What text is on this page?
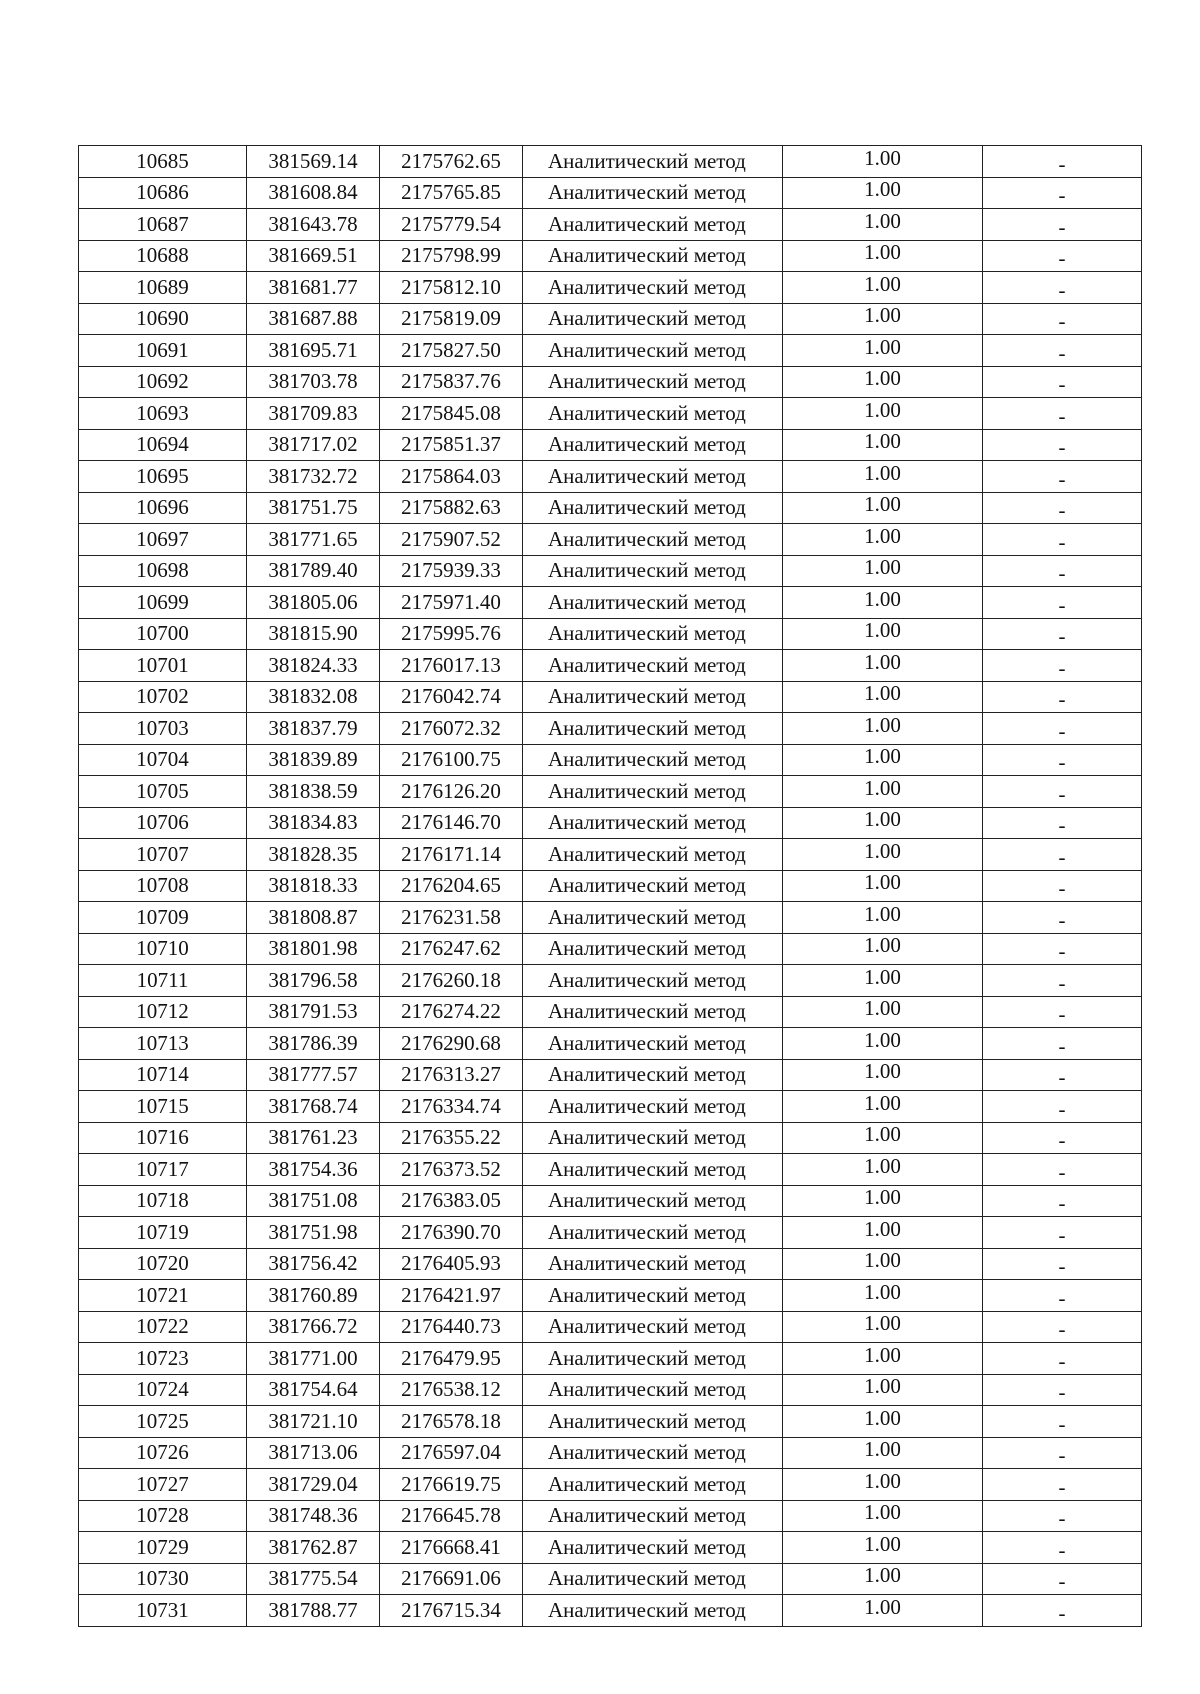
10685	381569.14	2175762.65	Аналитический метод	1.00	-
10686	381608.84	2175765.85	Аналитический метод	1.00	-
10687	381643.78	2175779.54	Аналитический метод	1.00	-
10688	381669.51	2175798.99	Аналитический метод	1.00	-
10689	381681.77	2175812.10	Аналитический метод	1.00	-
10690	381687.88	2175819.09	Аналитический метод	1.00	-
10691	381695.71	2175827.50	Аналитический метод	1.00	-
10692	381703.78	2175837.76	Аналитический метод	1.00	-
10693	381709.83	2175845.08	Аналитический метод	1.00	-
10694	381717.02	2175851.37	Аналитический метод	1.00	-
10695	381732.72	2175864.03	Аналитический метод	1.00	-
10696	381751.75	2175882.63	Аналитический метод	1.00	-
10697	381771.65	2175907.52	Аналитический метод	1.00	-
10698	381789.40	2175939.33	Аналитический метод	1.00	-
10699	381805.06	2175971.40	Аналитический метод	1.00	-
10700	381815.90	2175995.76	Аналитический метод	1.00	-
10701	381824.33	2176017.13	Аналитический метод	1.00	-
10702	381832.08	2176042.74	Аналитический метод	1.00	-
10703	381837.79	2176072.32	Аналитический метод	1.00	-
10704	381839.89	2176100.75	Аналитический метод	1.00	-
10705	381838.59	2176126.20	Аналитический метод	1.00	-
10706	381834.83	2176146.70	Аналитический метод	1.00	-
10707	381828.35	2176171.14	Аналитический метод	1.00	-
10708	381818.33	2176204.65	Аналитический метод	1.00	-
10709	381808.87	2176231.58	Аналитический метод	1.00	-
10710	381801.98	2176247.62	Аналитический метод	1.00	-
10711	381796.58	2176260.18	Аналитический метод	1.00	-
10712	381791.53	2176274.22	Аналитический метод	1.00	-
10713	381786.39	2176290.68	Аналитический метод	1.00	-
10714	381777.57	2176313.27	Аналитический метод	1.00	-
10715	381768.74	2176334.74	Аналитический метод	1.00	-
10716	381761.23	2176355.22	Аналитический метод	1.00	-
10717	381754.36	2176373.52	Аналитический метод	1.00	-
10718	381751.08	2176383.05	Аналитический метод	1.00	-
10719	381751.98	2176390.70	Аналитический метод	1.00	-
10720	381756.42	2176405.93	Аналитический метод	1.00	-
10721	381760.89	2176421.97	Аналитический метод	1.00	-
10722	381766.72	2176440.73	Аналитический метод	1.00	-
10723	381771.00	2176479.95	Аналитический метод	1.00	-
10724	381754.64	2176538.12	Аналитический метод	1.00	-
10725	381721.10	2176578.18	Аналитический метод	1.00	-
10726	381713.06	2176597.04	Аналитический метод	1.00	-
10727	381729.04	2176619.75	Аналитический метод	1.00	-
10728	381748.36	2176645.78	Аналитический метод	1.00	-
10729	381762.87	2176668.41	Аналитический метод	1.00	-
10730	381775.54	2176691.06	Аналитический метод	1.00	-
10731	381788.77	2176715.34	Аналитический метод	1.00	-
